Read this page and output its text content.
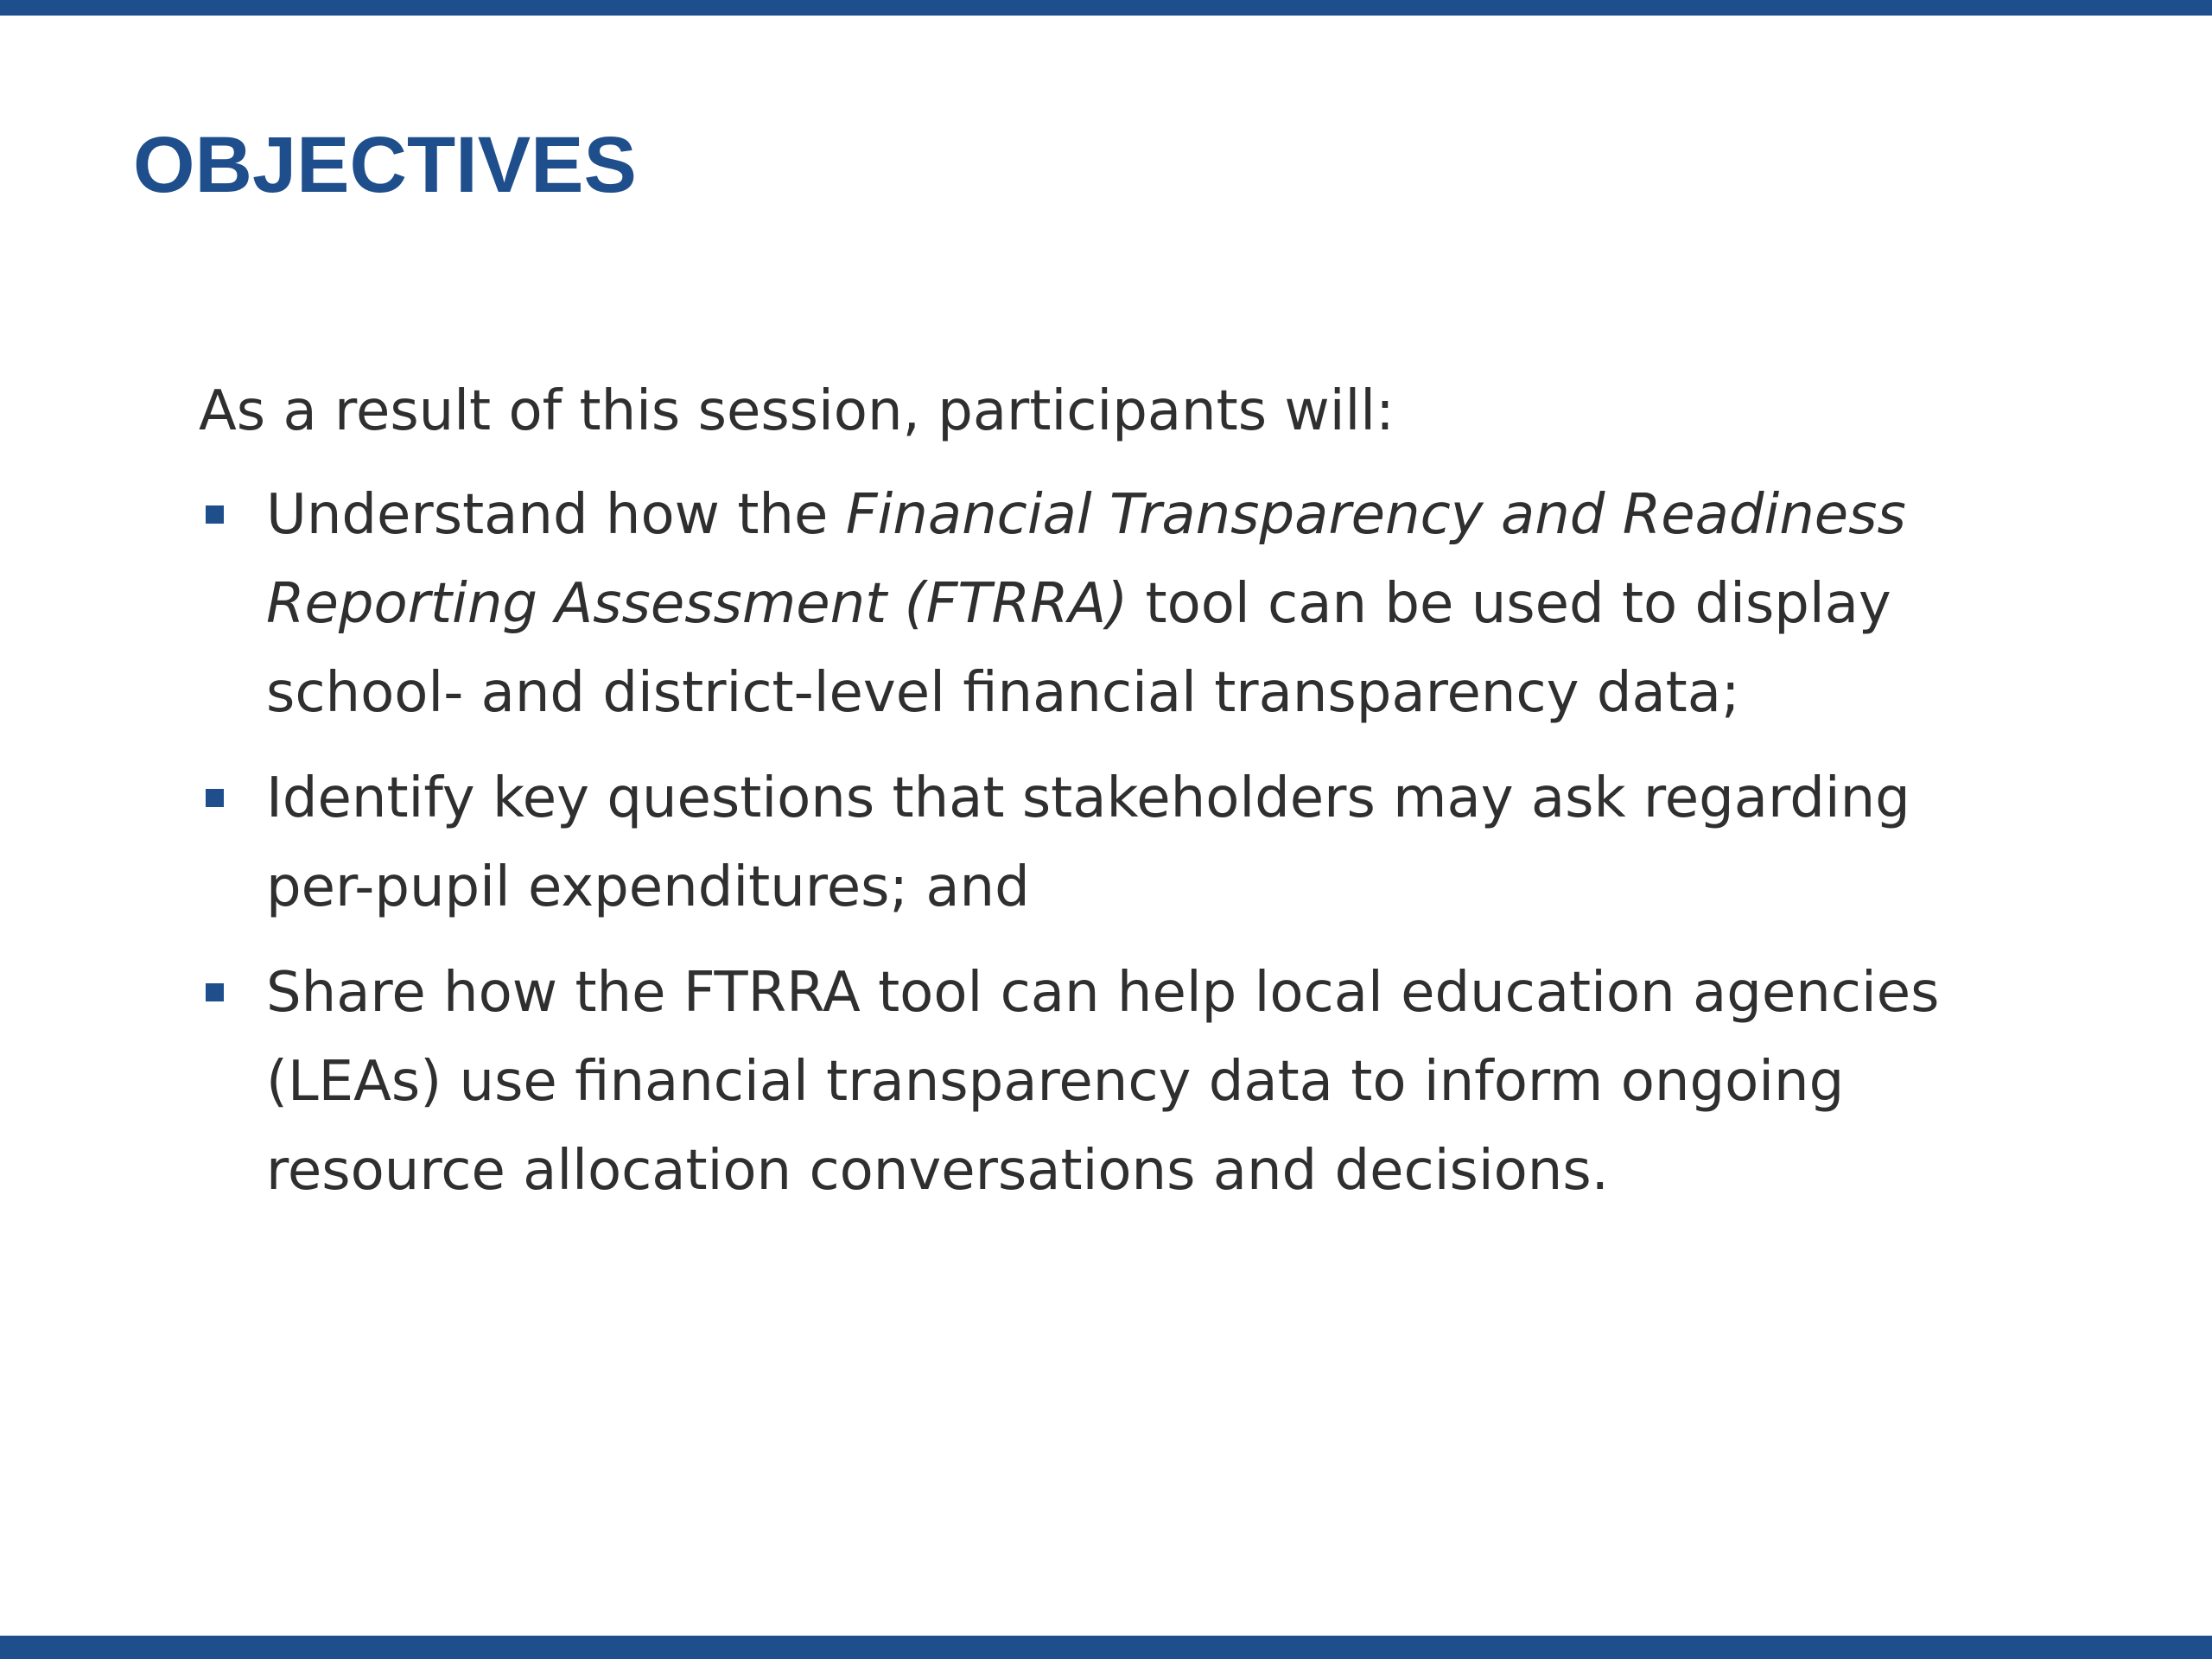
OBJECTIVES

As a result of this session, participants will:

Understand how the Financial Transparency and Readiness
Reporting Assessment (FTRRA) tool can be used to display
school- and district-level financial transparency data;
Identify key questions that stakeholders may ask regarding
per-pupil expenditures; and
Share how the FTRRA tool can help local education agencies
(LEAs) use financial transparency data to inform ongoing
resource allocation conversations and decisions.
